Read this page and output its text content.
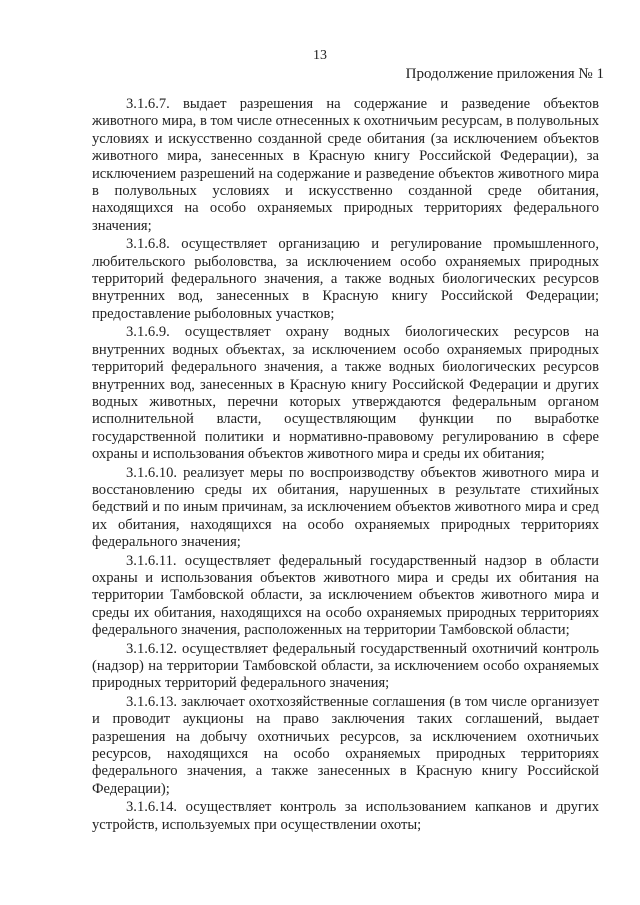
13
Продолжение приложения № 1

3.1.6.7. выдает разрешения на содержание и разведение объектов животного мира, в том числе отнесенных к охотничьим ресурсам, в полувольных условиях и искусственно созданной среде обитания (за исключением объектов животного мира, занесенных в Красную книгу Российской Федерации), за исключением разрешений на содержание и разведение объектов животного мира в полувольных условиях и искусственно созданной среде обитания, находящихся на особо охраняемых природных территориях федерального значения;

3.1.6.8. осуществляет организацию и регулирование промышленного, любительского рыболовства, за исключением особо охраняемых природных территорий федерального значения, а также водных биологических ресурсов внутренних вод, занесенных в Красную книгу Российской Федерации; предоставление рыболовных участков;

3.1.6.9. осуществляет охрану водных биологических ресурсов на внутренних водных объектах, за исключением особо охраняемых природных территорий федерального значения, а также водных биологических ресурсов внутренних вод, занесенных в Красную книгу Российской Федерации и других водных животных, перечни которых утверждаются федеральным органом исполнительной власти, осуществляющим функции по выработке государственной политики и нормативно-правовому регулированию в сфере охраны и использования объектов животного мира и среды их обитания;

3.1.6.10. реализует меры по воспроизводству объектов животного мира и восстановлению среды их обитания, нарушенных в результате стихийных бедствий и по иным причинам, за исключением объектов животного мира и сред их обитания, находящихся на особо охраняемых природных территориях федерального значения;

3.1.6.11. осуществляет федеральный государственный надзор в области охраны и использования объектов животного мира и среды их обитания на территории Тамбовской области, за исключением объектов животного мира и среды их обитания, находящихся на особо охраняемых природных территориях федерального значения, расположенных на территории Тамбовской области;

3.1.6.12. осуществляет федеральный государственный охотничий контроль (надзор) на территории Тамбовской области, за исключением особо охраняемых природных территорий федерального значения;

3.1.6.13. заключает охотхозяйственные соглашения (в том числе организует и проводит аукционы на право заключения таких соглашений, выдает разрешения на добычу охотничьих ресурсов, за исключением охотничьих ресурсов, находящихся на особо охраняемых природных территориях федерального значения, а также занесенных в Красную книгу Российской Федерации);

3.1.6.14. осуществляет контроль за использованием капканов и других устройств, используемых при осуществлении охоты;
